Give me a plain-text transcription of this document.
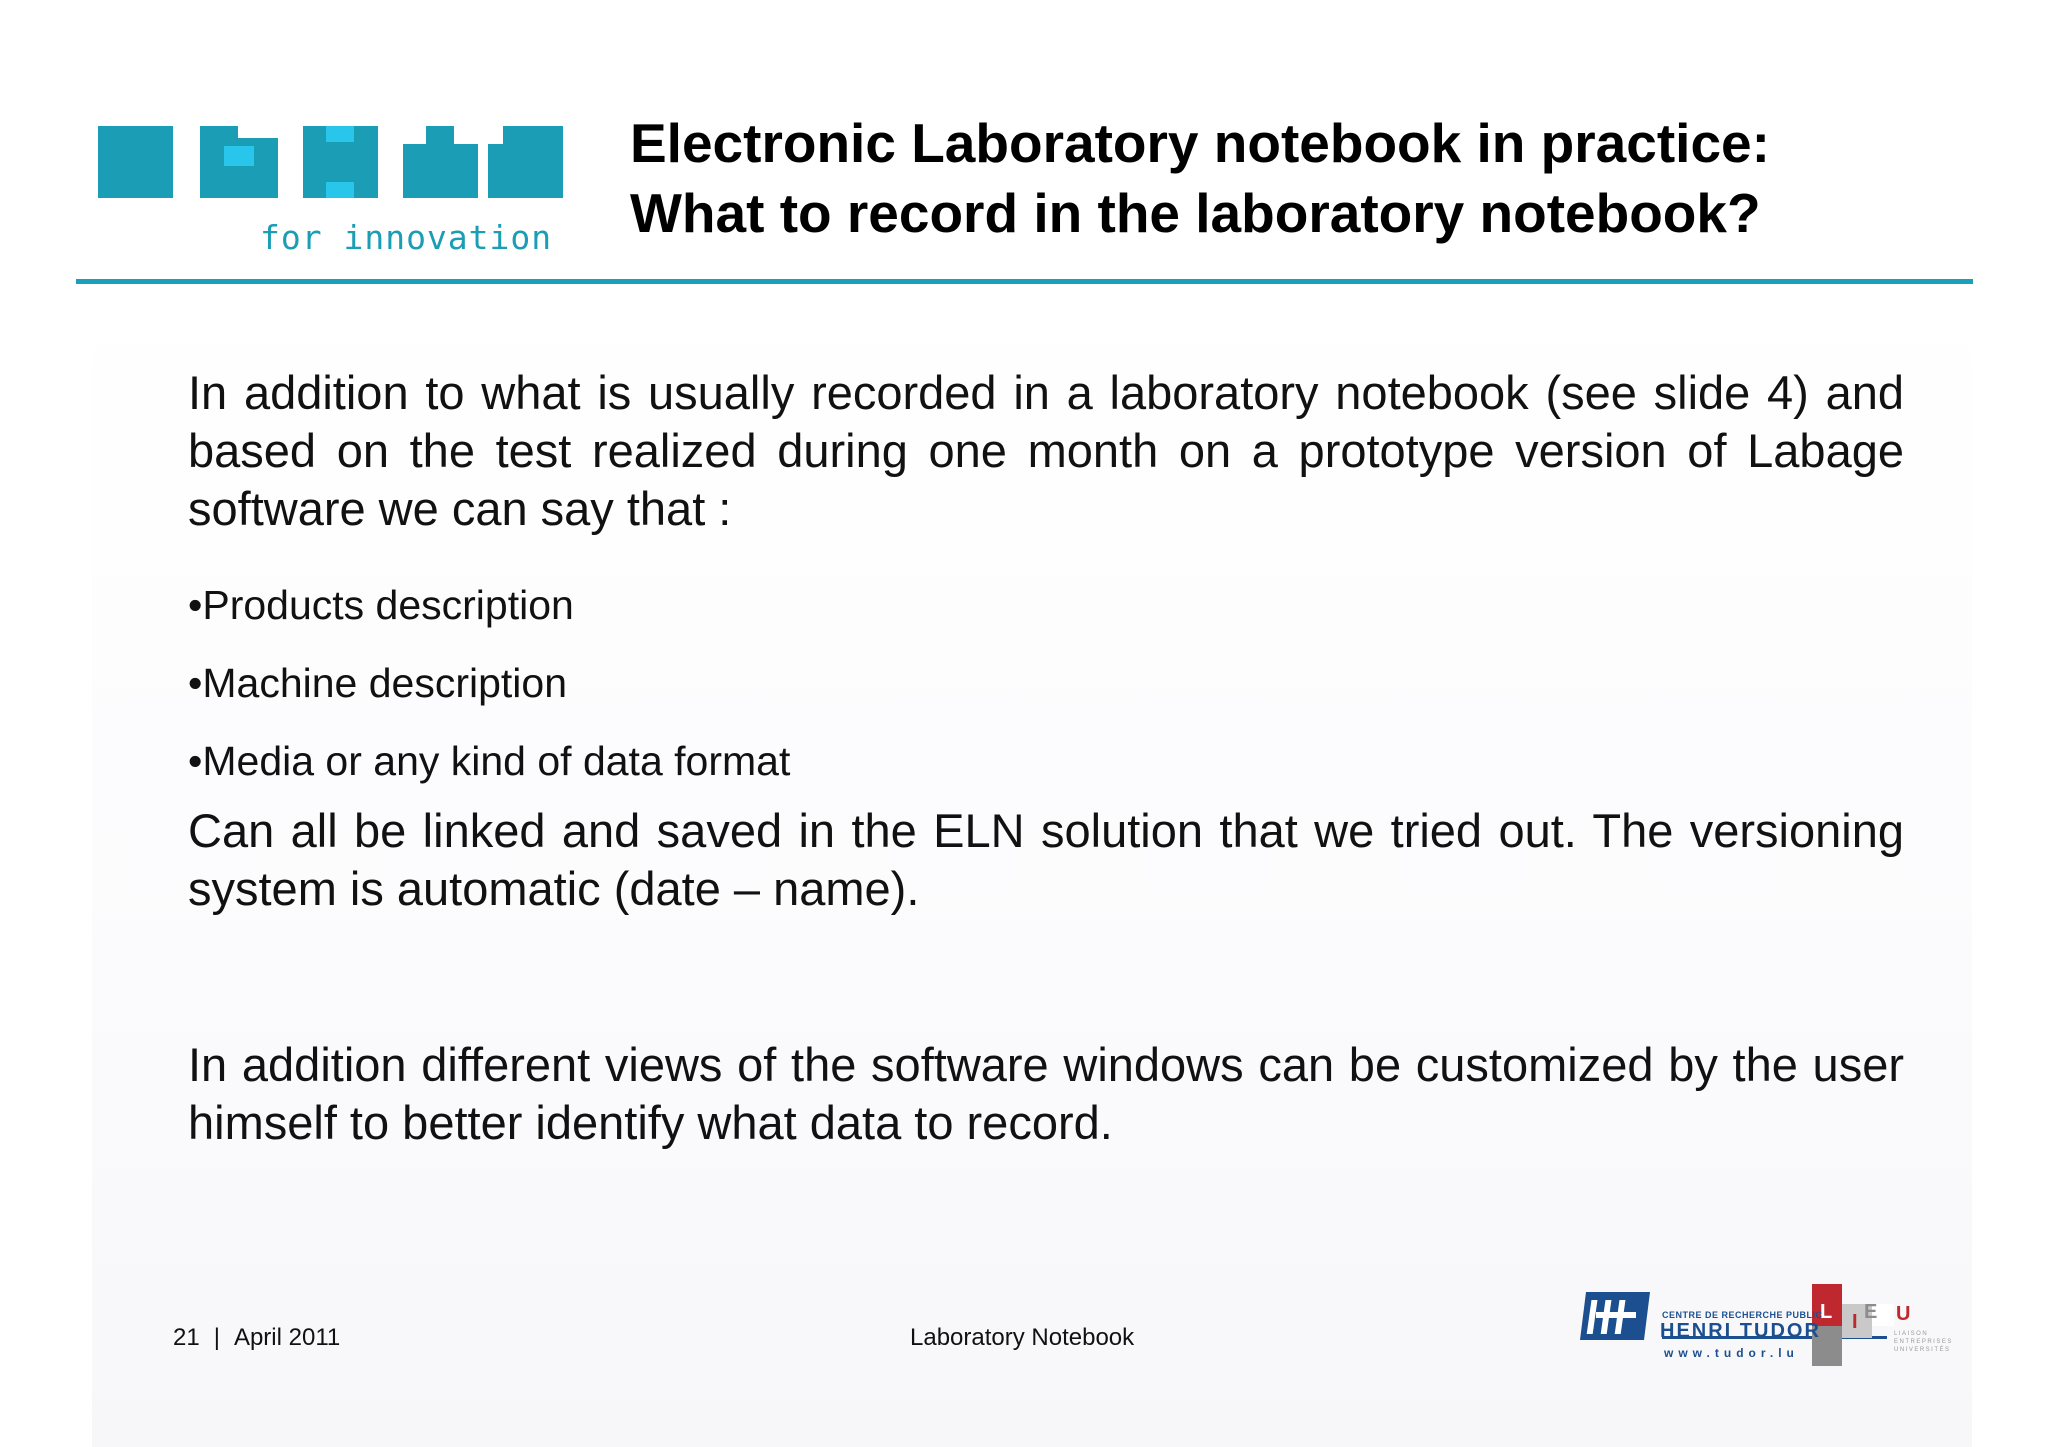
for innovation
Electronic Laboratory notebook in practice:
What to record in the laboratory notebook?
In addition to what is usually recorded in a laboratory notebook (see slide 4) and based on the test realized during one month on a prototype version of Labage software we can say that :
• Products description
• Machine description
• Media or any kind of data format
Can all be linked and saved in the ELN solution that we tried out. The versioning system is automatic (date – name).
In addition different views of the software windows can be customized by the user himself to better identify what data to record.
21 | April 2011	Laboratory Notebook
L I E U
CENTRE DE RECHERCHE PUBLIC
HENRI TUDOR
www.tudor.lu
LIAISON
ENTREPRISES
UNIVERSITÉS
